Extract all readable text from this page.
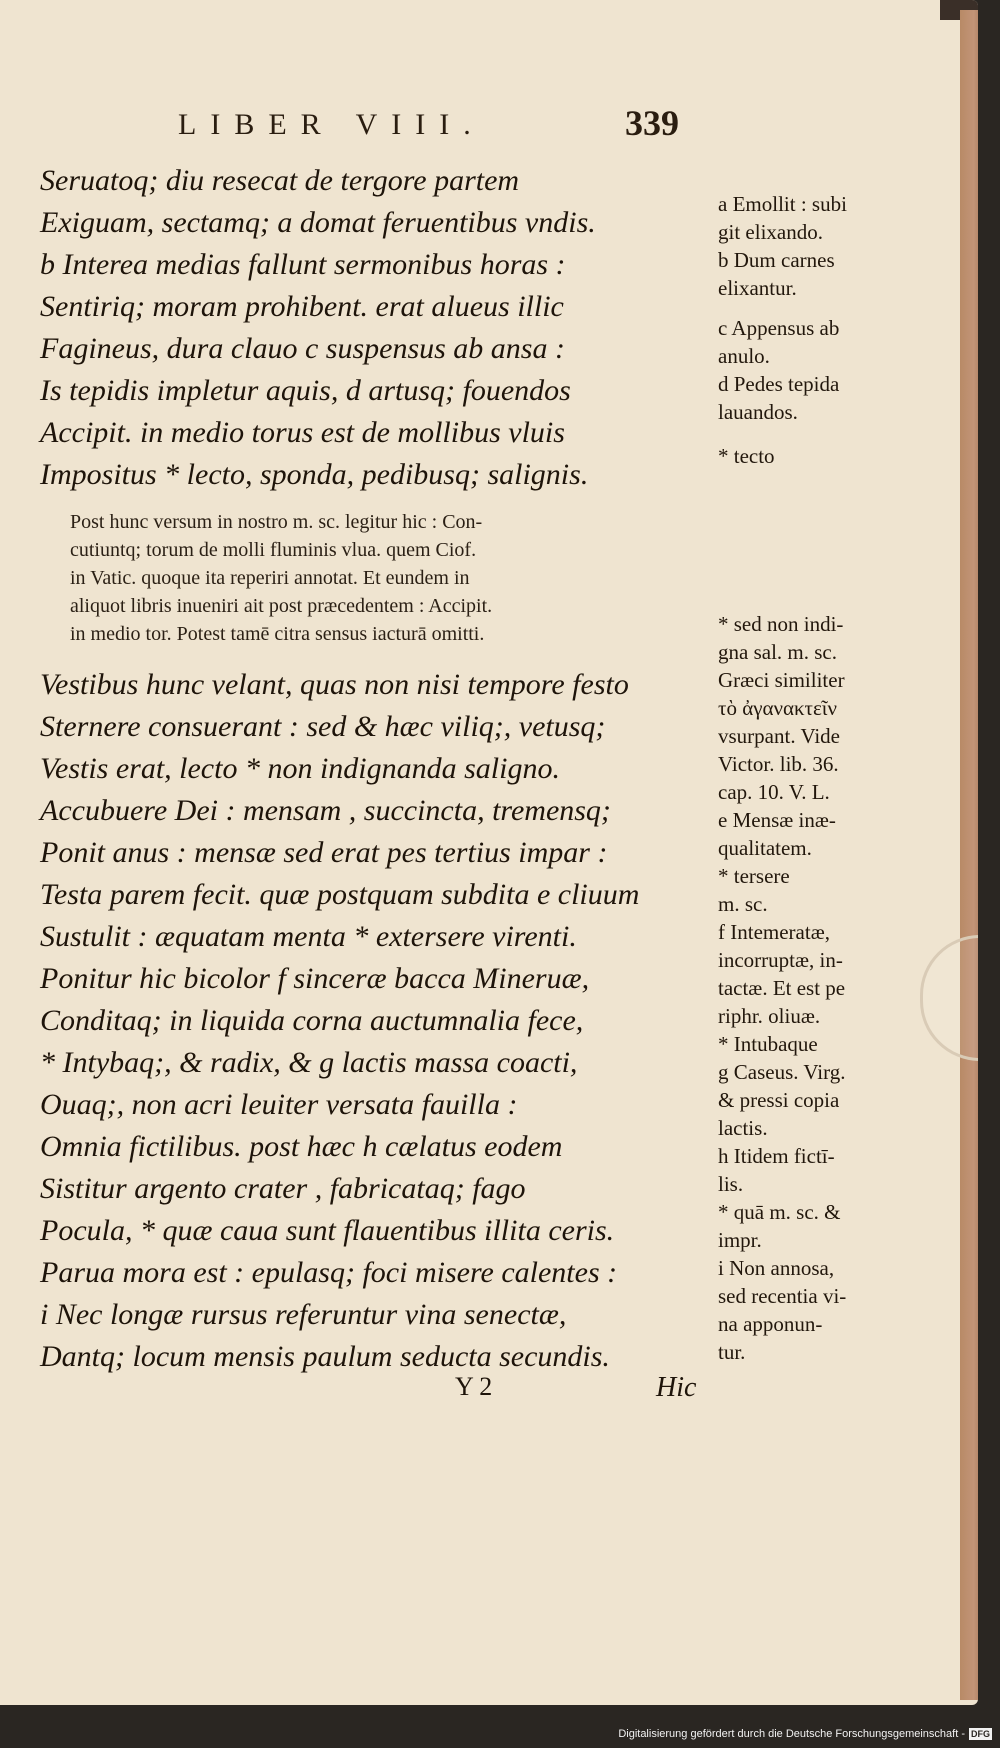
LIBER VIII.	339
Seruatoq; diu resecat de tergore partem
Exiguam, sectamq; a domat feruentibus vndis.
b Interea medias fallunt sermonibus horas :
Sentiriq; moram prohibent. erat alueus illic
Fagineus, dura clauo c suspensus ab ansa :
Is tepidis impletur aquis, d artusq; fouendos
Accipit. in medio torus est de mollibus vluis
Impositus * lecto, sponda, pedibusq; salignis.
Post hunc versum in nostro m. sc. legitur hic : Con-
cutiuntq; torum de molli fluminis vlua. quem Ciof.
in Vatic. quoque ita reperiri annotat. Et eundem in
aliquot libris inueniri ait post præcedentem : Accipit.
in medio tor. Potest tamē citra sensus iacturā omitti.
Vestibus hunc velant, quas non nisi tempore festo
Sternere consuerant : sed & hæc viliq;, vetusq;
Vestis erat, lecto * non indignanda saligno.
Accubuere Dei : mensam , succincta, tremensq;
Ponit anus : mensæ sed erat pes tertius impar :
Testa parem fecit. quæ postquam subdita e cliuum
Sustulit : æquatam menta * extersere virenti.
Ponitur hic bicolor f sinceræ bacca Mineruæ,
Conditaq; in liquida corna auctumnalia fece,
* Intybaq;, & radix, & g lactis massa coacti,
Ouaq;, non acri leuiter versata fauilla :
Omnia fictilibus. post hæc h cælatus eodem
Sistitur argento crater , fabricataq; fago
Pocula, * quæ caua sunt flauentibus illita ceris.
Parua mora est : epulasq; foci misere calentes :
i Nec longæ rursus referuntur vina senectæ,
Dantq; locum mensis paulum seducta secundis.
Y 2	Hic
a Emollit : subi
git elixando.
b Dum carnes
elixantur.
c Appensus ab
anulo.
d Pedes tepida
lauandos.
* tecto
* sed non indi-
gna sal. m. sc.
Græci similiter
τὸ ἀγανακτεῖν
vsurpant. Vide
Victor. lib. 36.
cap. 10. V. L.
e Mensæ inæ-
qualitatem.
* tersere
m. sc.
f Intemeratæ,
incorruptæ, in-
tactæ. Et est pe
riphr. oliuæ.
* Intubaque
g Caseus. Virg.
& pressi copia
lactis.
h Itidem fictī-
lis.
* quā m. sc. &
impr.
i Non annosa,
sed recentia vi-
na apponun-
tur.
Digitalisierung gefördert durch die Deutsche Forschungsgemeinschaft - DFG
